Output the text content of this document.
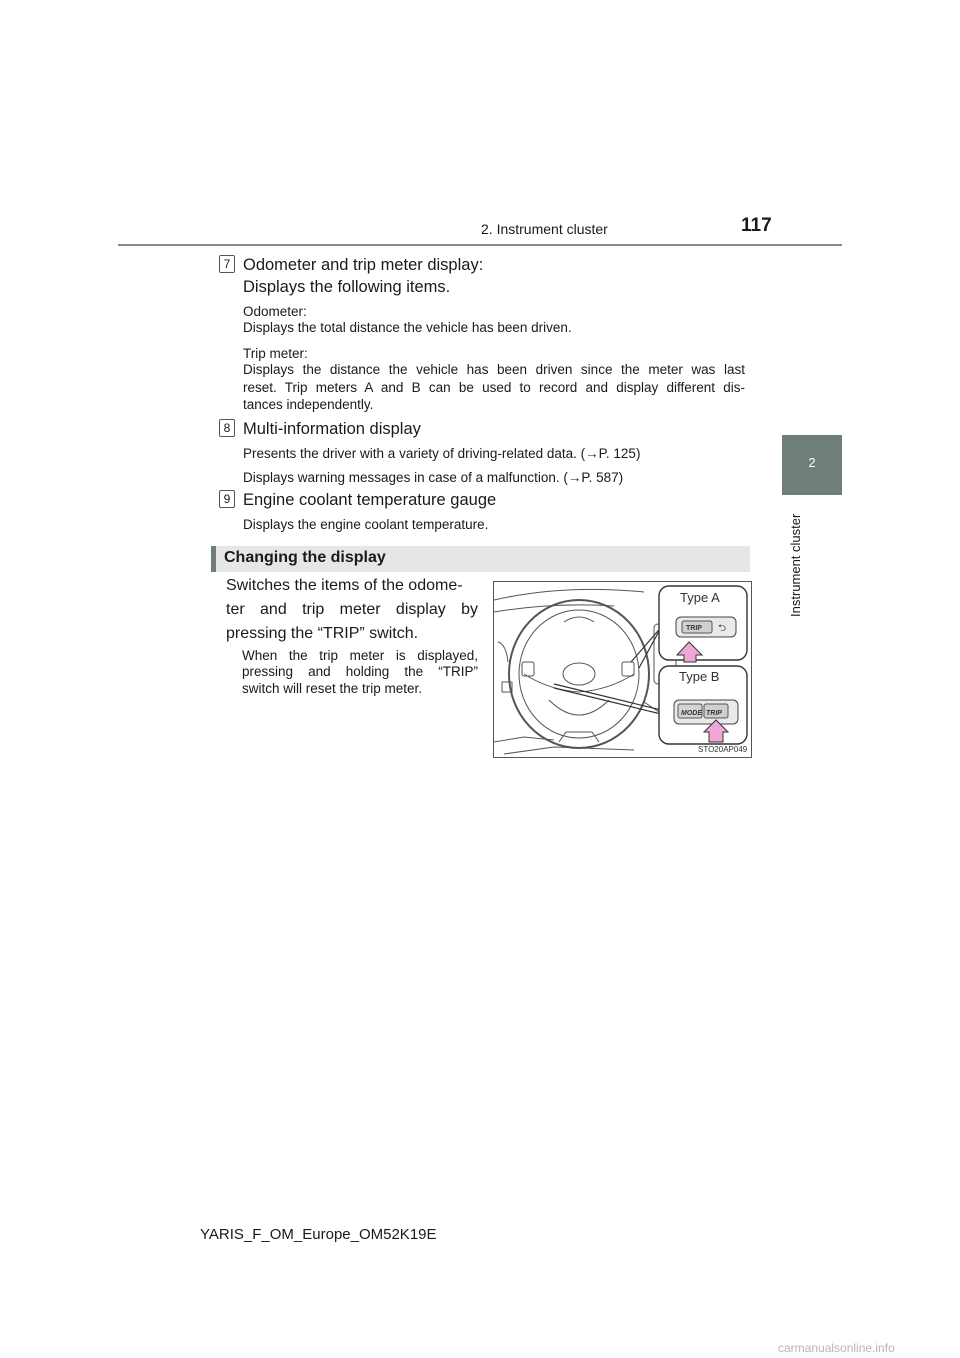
2. Instrument cluster	117
2
Instrument cluster
7 Odometer and trip meter display:
Displays the following items.
Odometer:
Displays the total distance the vehicle has been driven.
Trip meter:
Displays the distance the vehicle has been driven since the meter was last
reset. Trip meters A and B can be used to record and display different dis-
tances independently.
8 Multi-information display
Presents the driver with a variety of driving-related data. (→P. 125)
Displays warning messages in case of a malfunction. (→P. 587)
9 Engine coolant temperature gauge
Displays the engine coolant temperature.
Changing the display
Switches the items of the odome-
ter and trip meter display by
pressing the “TRIP” switch.
When the trip meter is displayed,
pressing and holding the “TRIP”
switch will reset the trip meter.
⮌
MODE TRIP
TRIP
Type A
Type B
STO20AP049
YARIS_F_OM_Europe_OM52K19E
carmanualsonline.info
